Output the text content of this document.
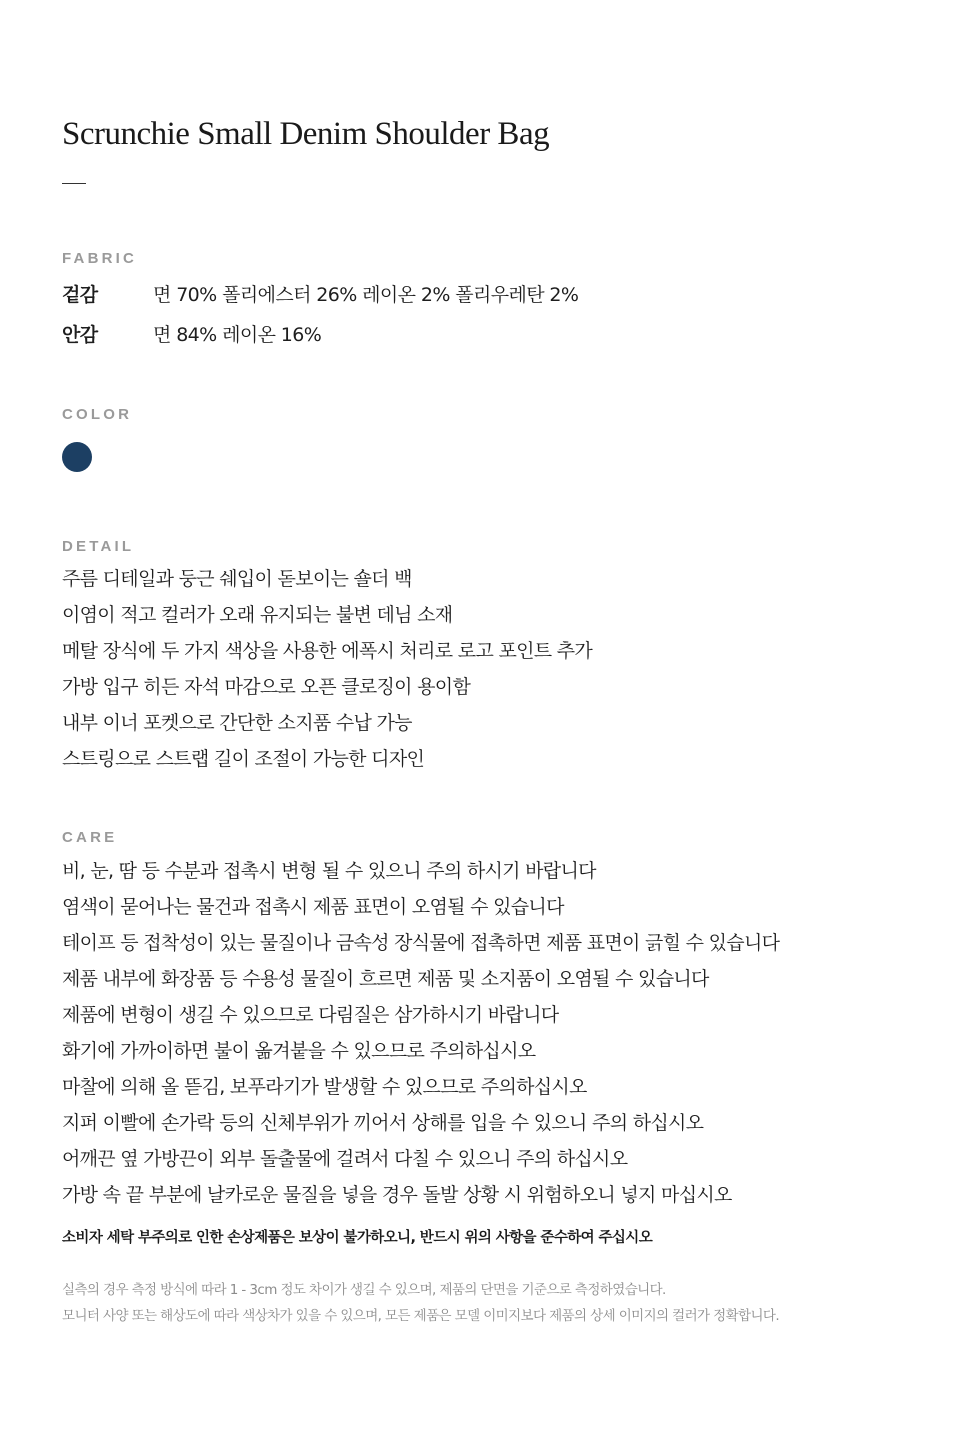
Scrunchie Small Denim Shoulder Bag
FABRIC
겉감	면 70% 폴리에스터 26% 레이온 2% 폴리우레탄 2%
안감	면 84% 레이온 16%
COLOR
DETAIL
주름 디테일과 둥근 쉐입이 돋보이는 숄더 백
이염이 적고 컬러가 오래 유지되는 불변 데님 소재
메탈 장식에 두 가지 색상을 사용한 에폭시 처리로 로고 포인트 추가
가방 입구 히든 자석 마감으로 오픈 클로징이 용이함
내부 이너 포켓으로 간단한 소지품 수납 가능
스트링으로 스트랩 길이 조절이 가능한 디자인
CARE
비, 눈, 땀 등 수분과 접촉시 변형 될 수 있으니 주의 하시기 바랍니다
염색이 묻어나는 물건과 접촉시 제품 표면이 오염될 수 있습니다
테이프 등 접착성이 있는 물질이나 금속성 장식물에 접촉하면 제품 표면이 긁힐 수 있습니다
제품 내부에 화장품 등 수용성 물질이 흐르면 제품 및 소지품이 오염될 수 있습니다
제품에 변형이 생길 수 있으므로 다림질은 삼가하시기 바랍니다
화기에 가까이하면 불이 옮겨붙을 수 있으므로 주의하십시오
마찰에 의해 올 뜯김, 보푸라기가 발생할 수 있으므로 주의하십시오
지퍼 이빨에 손가락 등의 신체부위가 끼어서 상해를 입을 수 있으니 주의 하십시오
어깨끈 옆 가방끈이 외부 돌출물에 걸려서 다칠 수 있으니 주의 하십시오
가방 속 끝 부분에 날카로운 물질을 넣을 경우 돌발 상황 시 위험하오니 넣지 마십시오
소비자 세탁 부주의로 인한 손상제품은 보상이 불가하오니, 반드시 위의 사항을 준수하여 주십시오
실측의 경우 측정 방식에 따라 1 - 3cm 정도 차이가 생길 수 있으며, 제품의 단면을 기준으로 측정하였습니다.
모니터 사양 또는 해상도에 따라 색상차가 있을 수 있으며, 모든 제품은 모델 이미지보다 제품의 상세 이미지의 컬러가 정확합니다.
